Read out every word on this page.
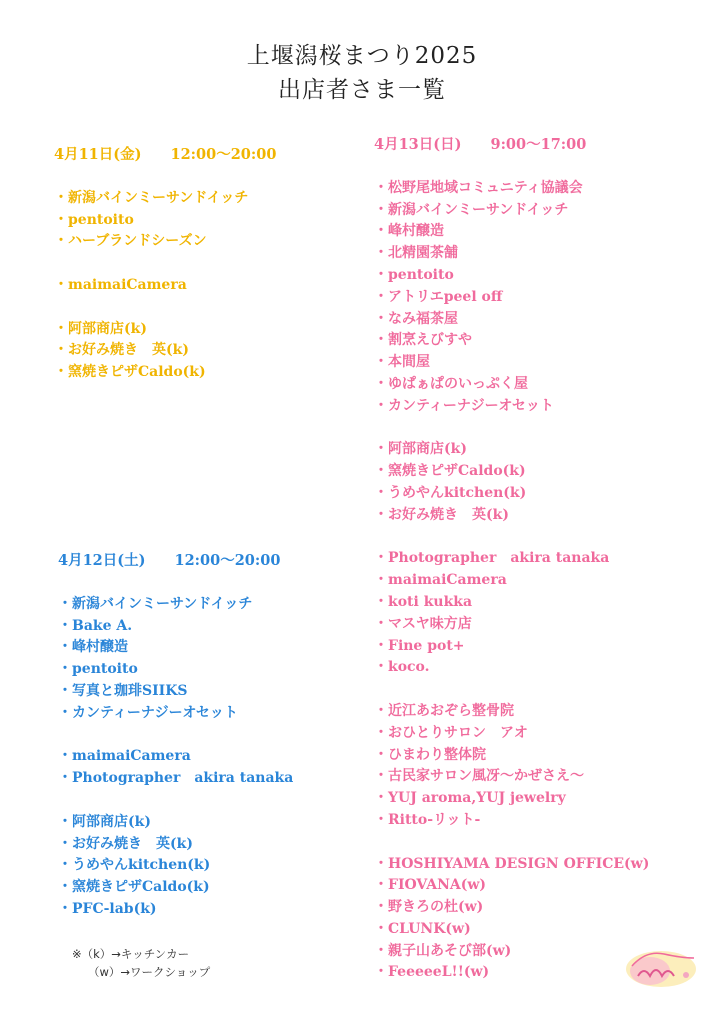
上堰潟桜まつり2025
出店者さま一覧
4月11日(金)　　12:00〜20:00
・新潟バインミーサンドイッチ
・pentoito
・ハーブランドシーズン
・maimaiCamera
・阿部商店(k)
・お好み焼き　英(k)
・窯焼きピザCaldo(k)
4月13日(日)　　9:00〜17:00
・松野尾地域コミュニティ協議会
・新潟バインミーサンドイッチ
・峰村醸造
・北精園茶舗
・pentoito
・アトリエpeel off
・なみ福茶屋
・割烹えびすや
・本間屋
・ゆぱぁぱのいっぷく屋
・カンティーナジーオセット
・阿部商店(k)
・窯焼きピザCaldo(k)
・うめやんkitchen(k)
・お好み焼き　英(k)
・Photographer　akira tanaka
・maimaiCamera
・koti kukka
・マスヤ味方店
・Fine pot+
・koco.
・近江あおぞら整骨院
・おひとりサロン　アオ
・ひまわり整体院
・古民家サロン風冴〜かぜさえ〜
・YUJ aroma,YUJ jewelry
・Ritto-リット-
・HOSHIYAMA DESIGN OFFICE(w)
・FIOVANA(w)
・野きろの杜(w)
・CLUNK(w)
・親子山あそび部(w)
・FeeeeeL!!(w)
4月12日(土)　　12:00〜20:00
・新潟バインミーサンドイッチ
・Bake A.
・峰村醸造
・pentoito
・写真と珈琲SIIKS
・カンティーナジーオセット
・maimaiCamera
・Photographer　akira tanaka
・阿部商店(k)
・お好み焼き　英(k)
・うめやんkitchen(k)
・窯焼きピザCaldo(k)
・PFC-lab(k)
※（k）→キッチンカー
（w）→ワークショップ
